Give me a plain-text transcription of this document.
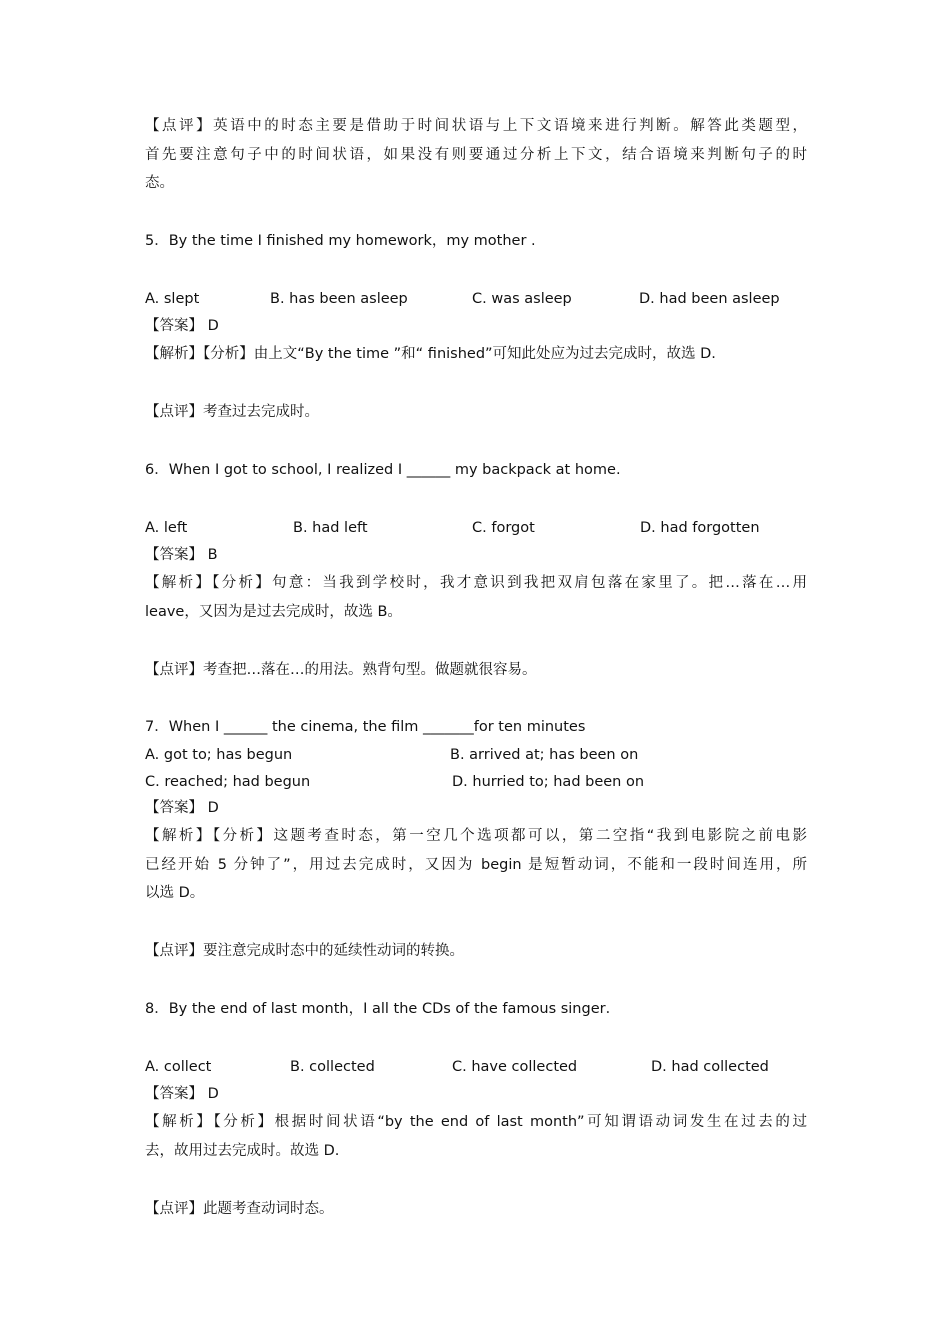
【点评】英语中的时态主要是借助于时间状语与上下文语境来进行判断。解答此类题型，
首先要注意句子中的时间状语，如果没有则要通过分析上下文，结合语境来判断句子的时
态。
5．By the time I finished my homework，my mother .
A. slept	B. has been asleep	C. was asleep	D. had been asleep
【答案】 D
【解析】【分析】由上文“By the time ”和“ finished”可知此处应为过去完成时，故选 D.
【点评】考查过去完成时。
6．When I got to school, I realized I ______ my backpack at home.
A. left	B. had left	C. forgot	D. had forgotten
【答案】 B
【解析】【分析】句意：当我到学校时，我才意识到我把双肩包落在家里了。把…落在…用
leave，又因为是过去完成时，故选 B。
【点评】考查把…落在…的用法。熟背句型。做题就很容易。
7．When I ______ the cinema, the film _______for ten minutes
A. got to; has begun	B. arrived at; has been on
C. reached; had begun	D. hurried to; had been on
【答案】 D
【解析】【分析】这题考查时态，第一空几个选项都可以，第二空指“我到电影院之前电影
已经开始 5 分钟了”，用过去完成时，又因为 begin 是短暂动词，不能和一段时间连用，所
以选 D。
【点评】要注意完成时态中的延续性动词的转换。
8．By the end of last month，I all the CDs of the famous singer．
A. collect	B. collected	C. have collected	D. had collected
【答案】 D
【解析】【分析】根据时间状语“by the end of last month”可知谓语动词发生在过去的过
去，故用过去完成时。故选 D.
【点评】此题考查动词时态。
